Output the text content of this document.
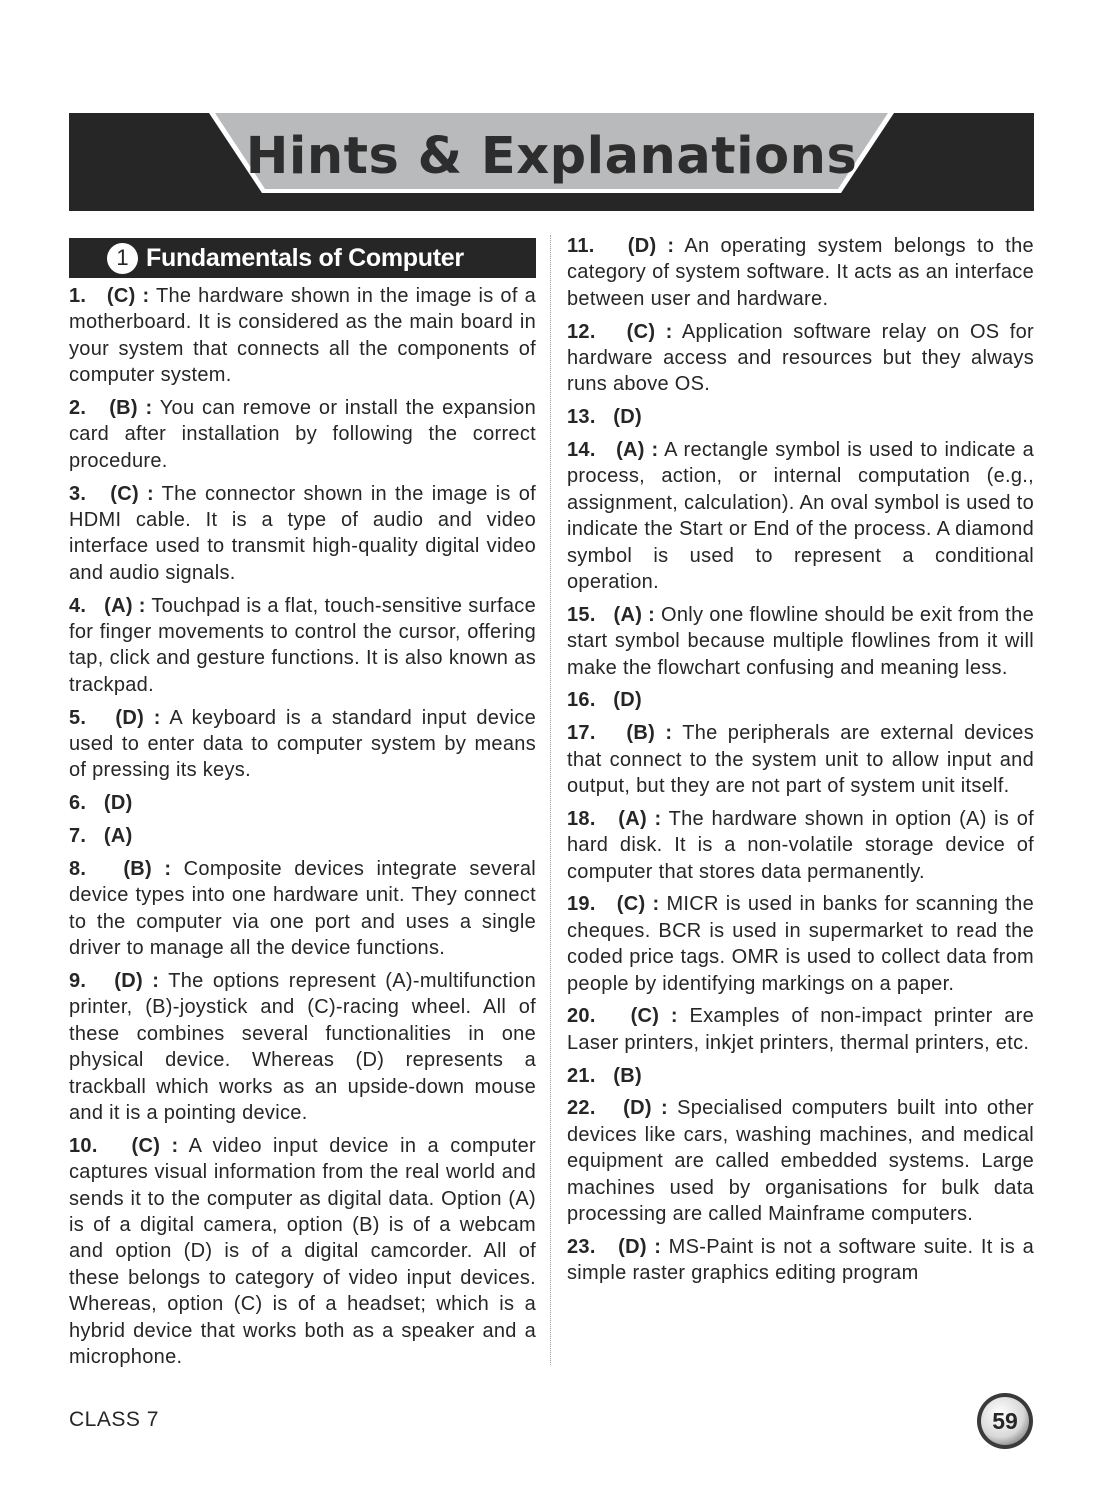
Hints & Explanations
1 Fundamentals of Computer
1. (C) : The hardware shown in the image is of a motherboard. It is considered as the main board in your system that connects all the components of computer system.
2. (B) : You can remove or install the expansion card after installation by following the correct procedure.
3. (C) : The connector shown in the image is of HDMI cable. It is a type of audio and video interface used to transmit high-quality digital video and audio signals.
4. (A) : Touchpad is a flat, touch-sensitive surface for finger movements to control the cursor, offering tap, click and gesture functions. It is also known as trackpad.
5. (D) : A keyboard is a standard input device used to enter data to computer system by means of pressing its keys.
6. (D)
7. (A)
8. (B) : Composite devices integrate several device types into one hardware unit. They connect to the computer via one port and uses a single driver to manage all the device functions.
9. (D) : The options represent (A)-multifunction printer, (B)-joystick and (C)-racing wheel. All of these combines several functionalities in one physical device. Whereas (D) represents a trackball which works as an upside-down mouse and it is a pointing device.
10. (C) : A video input device in a computer captures visual information from the real world and sends it to the computer as digital data. Option (A) is of a digital camera, option (B) is of a webcam and option (D) is of a digital camcorder. All of these belongs to category of video input devices. Whereas, option (C) is of a headset; which is a hybrid device that works both as a speaker and a microphone.
11. (D) : An operating system belongs to the category of system software. It acts as an interface between user and hardware.
12. (C) : Application software relay on OS for hardware access and resources but they always runs above OS.
13. (D)
14. (A) : A rectangle symbol is used to indicate a process, action, or internal computation (e.g., assignment, calculation). An oval symbol is used to indicate the Start or End of the process. A diamond symbol is used to represent a conditional operation.
15. (A) : Only one flowline should be exit from the start symbol because multiple flowlines from it will make the flowchart confusing and meaning less.
16. (D)
17. (B) : The peripherals are external devices that connect to the system unit to allow input and output, but they are not part of system unit itself.
18. (A) : The hardware shown in option (A) is of hard disk. It is a non-volatile storage device of computer that stores data permanently.
19. (C) : MICR is used in banks for scanning the cheques. BCR is used in supermarket to read the coded price tags. OMR is used to collect data from people by identifying markings on a paper.
20. (C) : Examples of non-impact printer are Laser printers, inkjet printers, thermal printers, etc.
21. (B)
22. (D) : Specialised computers built into other devices like cars, washing machines, and medical equipment are called embedded systems. Large machines used by organisations for bulk data processing are called Mainframe computers.
23. (D) : MS-Paint is not a software suite. It is a simple raster graphics editing program
CLASS 7	59
